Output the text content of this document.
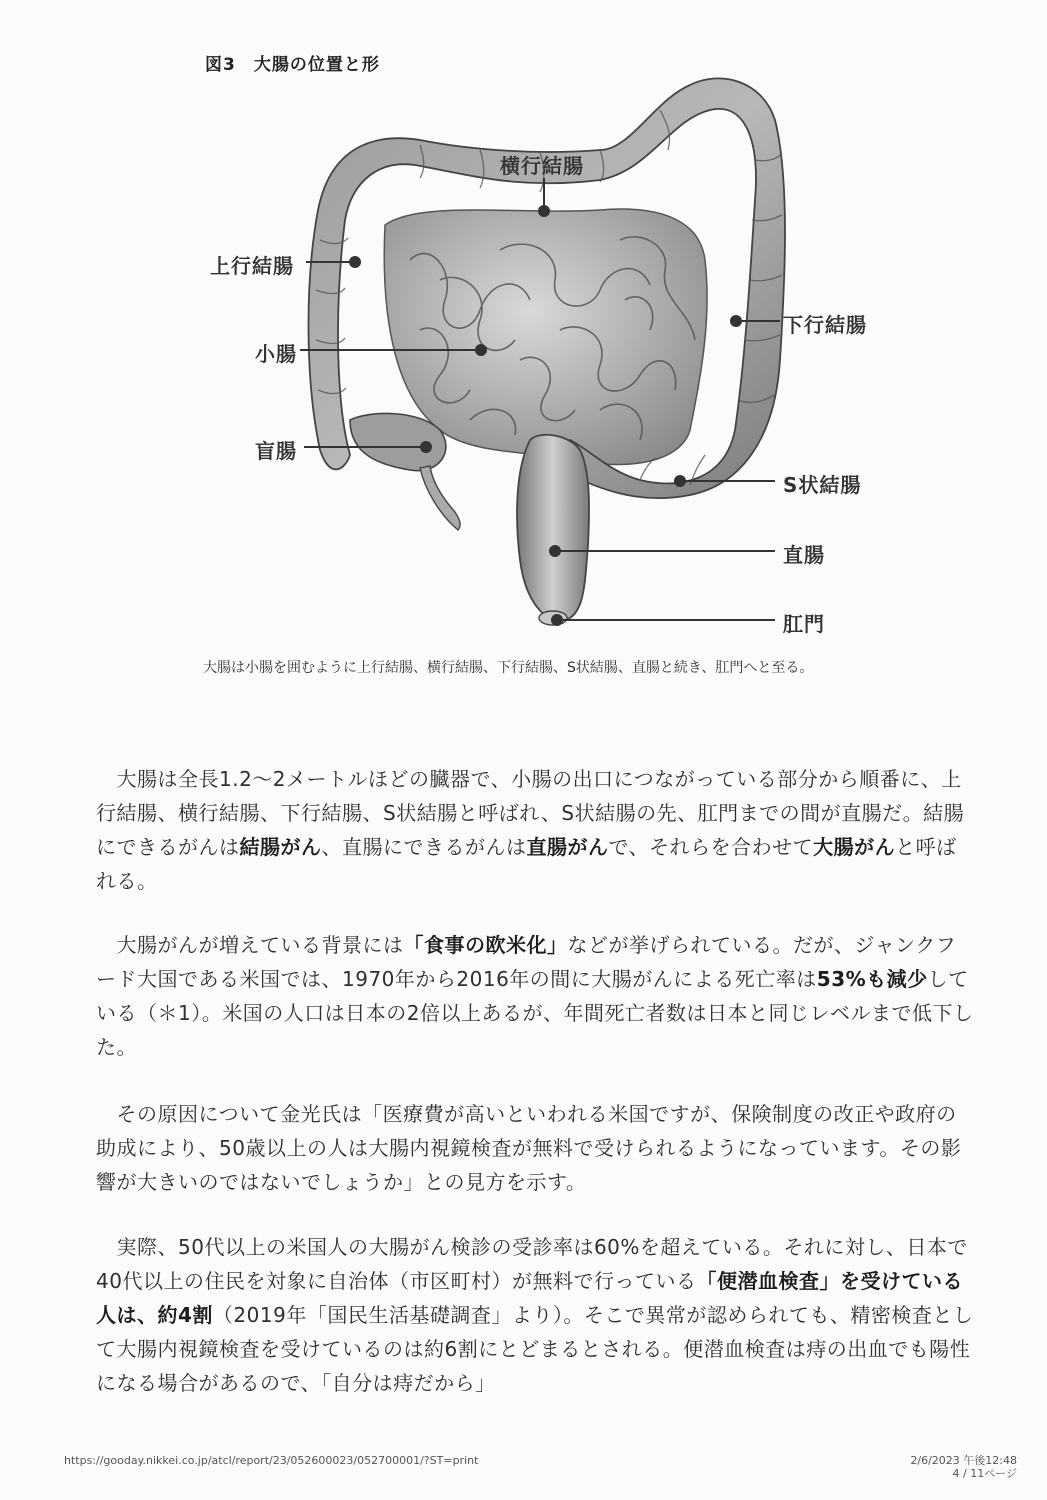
図3　大腸の位置と形
横行結腸
上行結腸
下行結腸
小腸
盲腸
S状結腸
直腸
肛門
大腸は小腸を囲むように上行結腸、横行結腸、下行結腸、S状結腸、直腸と続き、肛門へと至る。
　大腸は全長1.2〜2メートルほどの臓器で、小腸の出口につながっている部分から順番に、上行結腸、横行結腸、下行結腸、S状結腸と呼ばれ、S状結腸の先、肛門までの間が直腸だ。結腸にできるがんは結腸がん、直腸にできるがんは直腸がんで、それらを合わせて大腸がんと呼ばれる。
　大腸がんが増えている背景には「食事の欧米化」などが挙げられている。だが、ジャンクフード大国である米国では、1970年から2016年の間に大腸がんによる死亡率は53%も減少している（＊1）。米国の人口は日本の2倍以上あるが、年間死亡者数は日本と同じレベルまで低下した。
　その原因について金光氏は「医療費が高いといわれる米国ですが、保険制度の改正や政府の助成により、50歳以上の人は大腸内視鏡検査が無料で受けられるようになっています。その影響が大きいのではないでしょうか」との見方を示す。
　実際、50代以上の米国人の大腸がん検診の受診率は60%を超えている。それに対し、日本で40代以上の住民を対象に自治体（市区町村）が無料で行っている「便潜血検査」を受けている人は、約4割（2019年「国民生活基礎調査」より）。そこで異常が認められても、精密検査として大腸内視鏡検査を受けているのは約6割にとどまるとされる。便潜血検査は痔の出血でも陽性になる場合があるので、「自分は痔だから」
https://gooday.nikkei.co.jp/atcl/report/23/052600023/052700001/?ST=print	2/6/2023 午後12:48
4 / 11ページ
